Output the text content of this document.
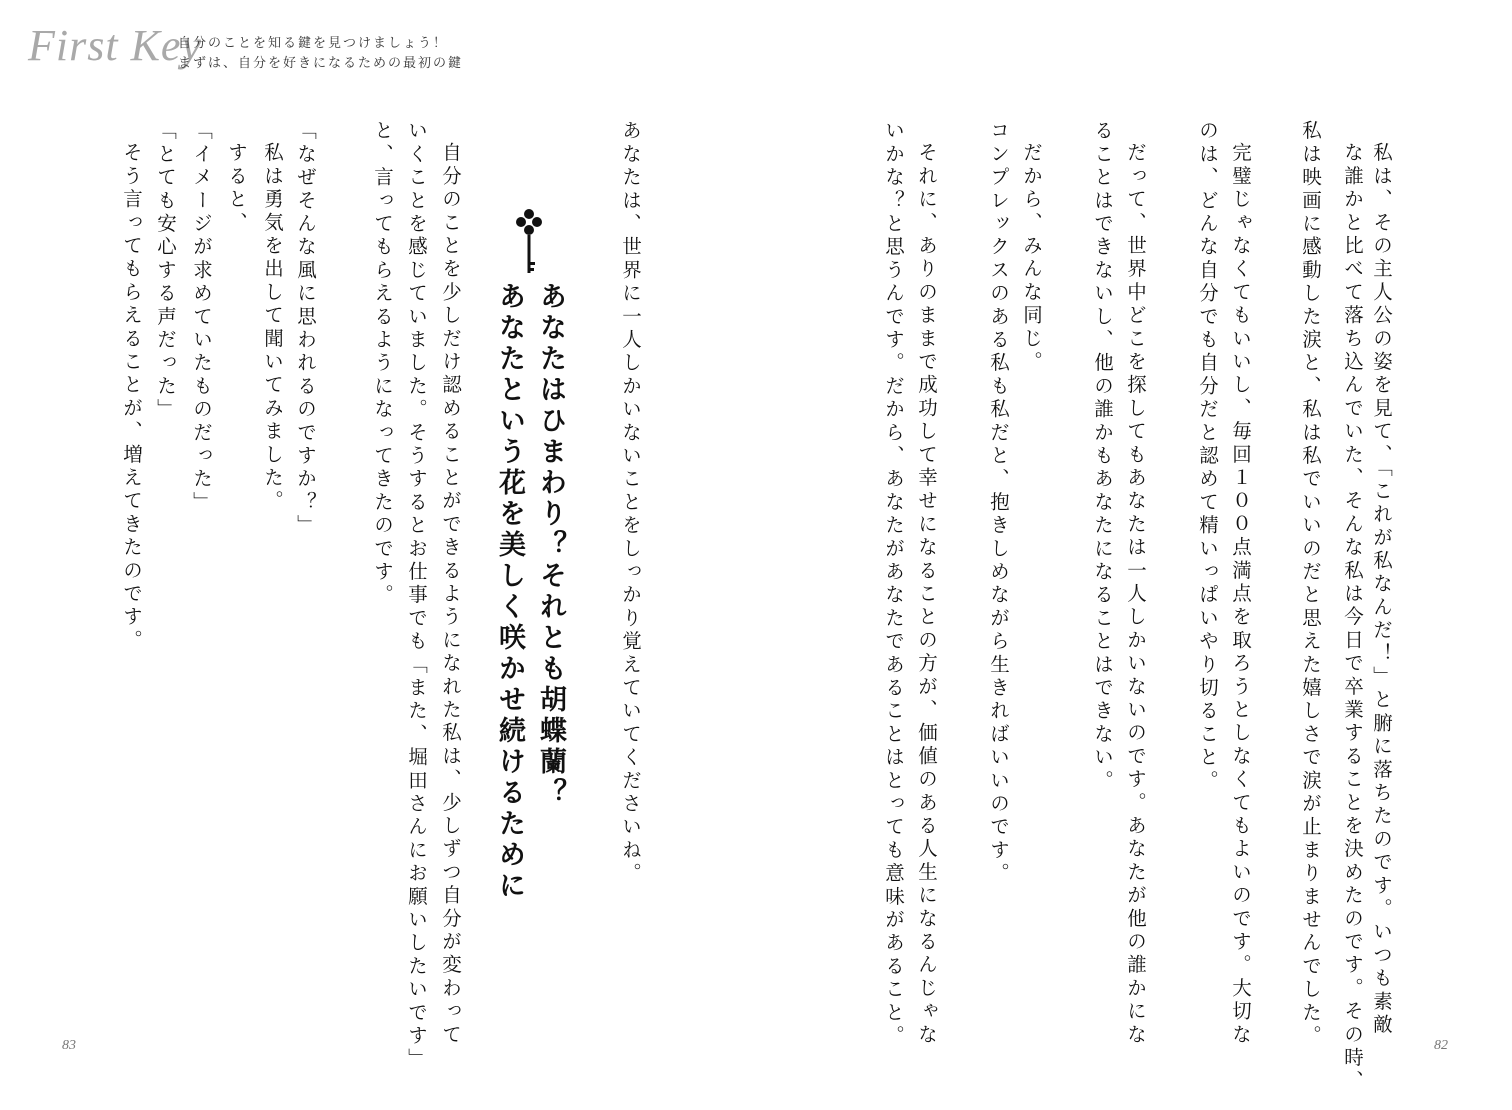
First Key
自分のことを知る鍵を見つけましょう！
まずは、自分を好きになるための最初の鍵
私は、その主人公の姿を見て、「これが私なんだ！」と腑に落ちたのです。いつも素敵
な誰かと比べて落ち込んでいた、そんな私は今日で卒業することを決めたのです。その時、
私は映画に感動した涙と、私は私でいいのだと思えた嬉しさで涙が止まりませんでした。
完璧じゃなくてもいいし、毎回１００点満点を取ろうとしなくてもよいのです。大切な
のは、どんな自分でも自分だと認めて精いっぱいやり切ること。
だって、世界中どこを探してもあなたは一人しかいないのです。あなたが他の誰かにな
ることはできないし、他の誰かもあなたになることはできない。
だから、みんな同じ。
コンプレックスのある私も私だと、抱きしめながら生きればいいのです。
それに、ありのままで成功して幸せになることの方が、価値のある人生になるんじゃな
いかな？と思うんです。だから、あなたがあなたであることはとっても意味があること。
あなたは、世界に一人しかいないことをしっかり覚えていてくださいね。
あなたはひまわり？それとも胡蝶蘭？
あなたという花を美しく咲かせ続けるために
自分のことを少しだけ認めることができるようになれた私は、少しずつ自分が変わって
いくことを感じていました。そうするとお仕事でも「また、堀田さんにお願いしたいです」
と、言ってもらえるようになってきたのです。
「なぜそんな風に思われるのですか？」
私は勇気を出して聞いてみました。
すると、
「イメージが求めていたものだった」
「とても安心する声だった」
そう言ってもらえることが、増えてきたのです。
83	82
